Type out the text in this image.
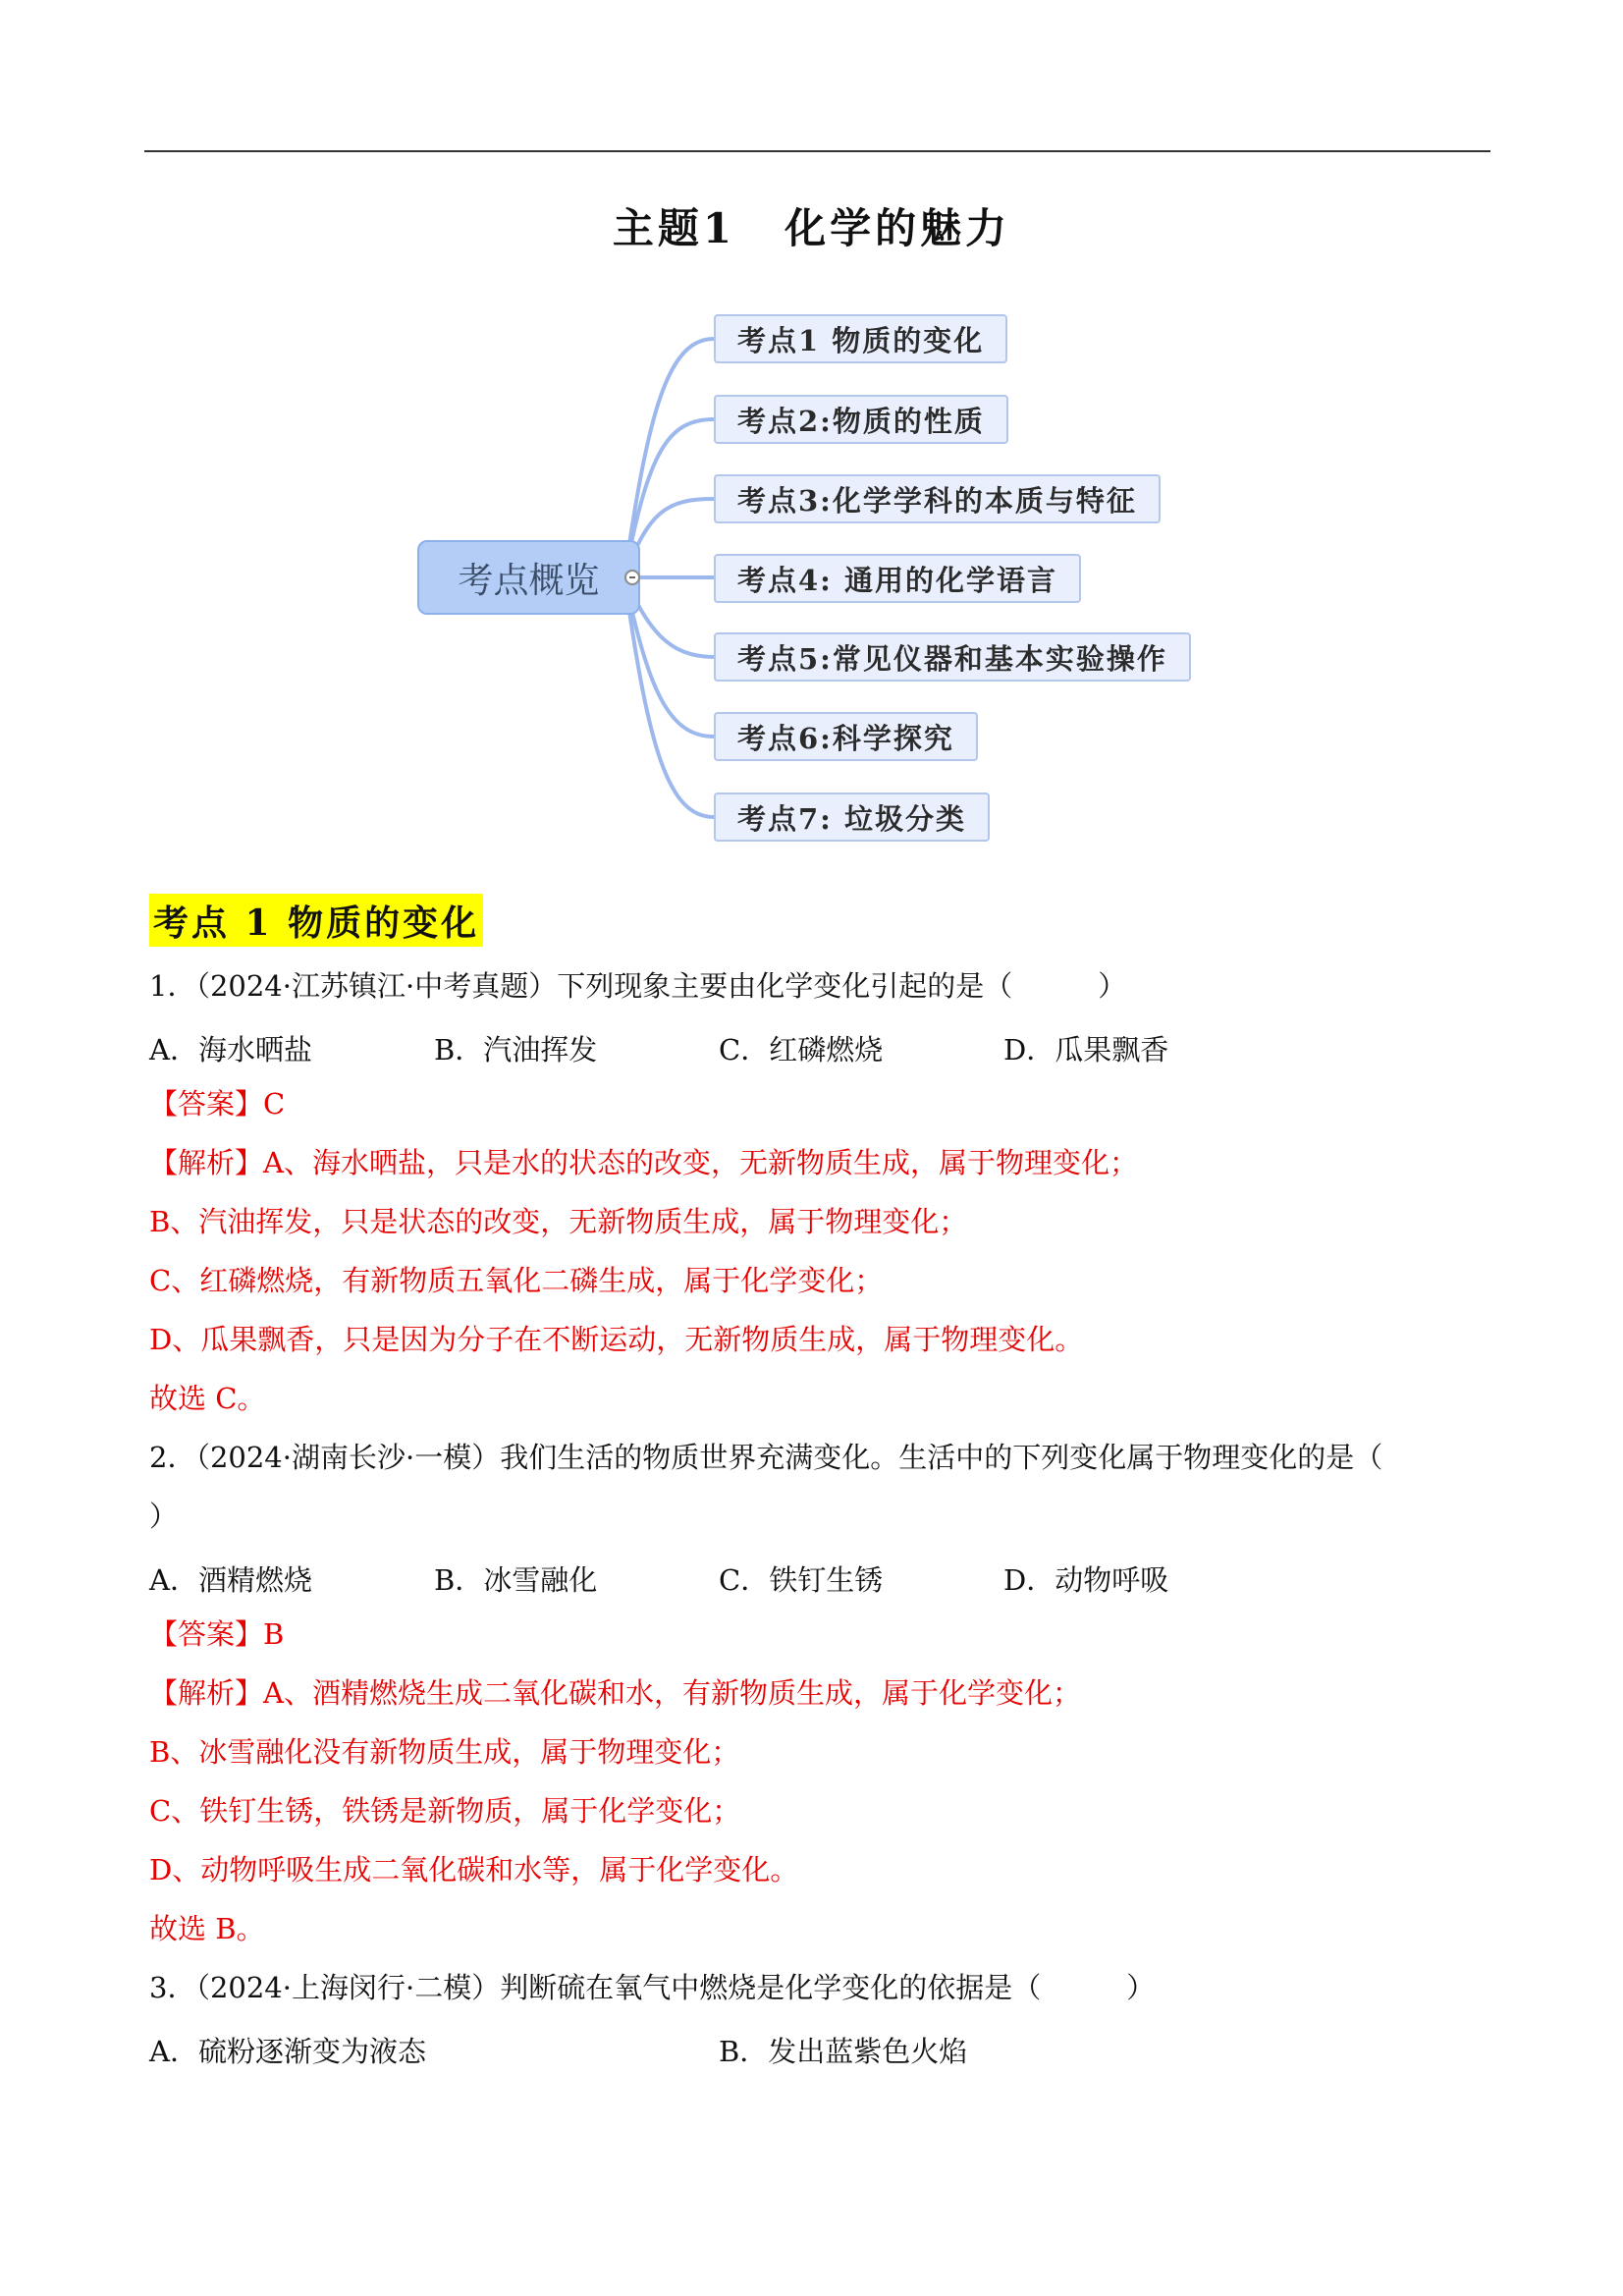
主题1 化学的魅力
考点概览
考点1 物质的变化
考点2:物质的性质
考点3:化学学科的本质与特征
考点4: 通用的化学语言
考点5:常见仪器和基本实验操作
考点6:科学探究
考点7: 垃圾分类
考点 1 物质的变化
1．（2024·江苏镇江·中考真题）下列现象主要由化学变化引起的是（　　　）
A．海水晒盐	B．汽油挥发	C．红磷燃烧	D．瓜果飘香
【答案】C
【解析】A、海水晒盐，只是水的状态的改变，无新物质生成，属于物理变化；
B、汽油挥发，只是状态的改变，无新物质生成，属于物理变化；
C、红磷燃烧，有新物质五氧化二磷生成，属于化学变化；
D、瓜果飘香，只是因为分子在不断运动，无新物质生成，属于物理变化。
故选 C。
2．（2024·湖南长沙·一模）我们生活的物质世界充满变化。生活中的下列变化属于物理变化的是（
）
A．酒精燃烧	B．冰雪融化	C．铁钉生锈	D．动物呼吸
【答案】B
【解析】A、酒精燃烧生成二氧化碳和水，有新物质生成，属于化学变化；
B、冰雪融化没有新物质生成，属于物理变化；
C、铁钉生锈，铁锈是新物质，属于化学变化；
D、动物呼吸生成二氧化碳和水等，属于化学变化。
故选 B。
3．（2024·上海闵行·二模）判断硫在氧气中燃烧是化学变化的依据是（　　　）
A．硫粉逐渐变为液态	B．发出蓝紫色火焰
